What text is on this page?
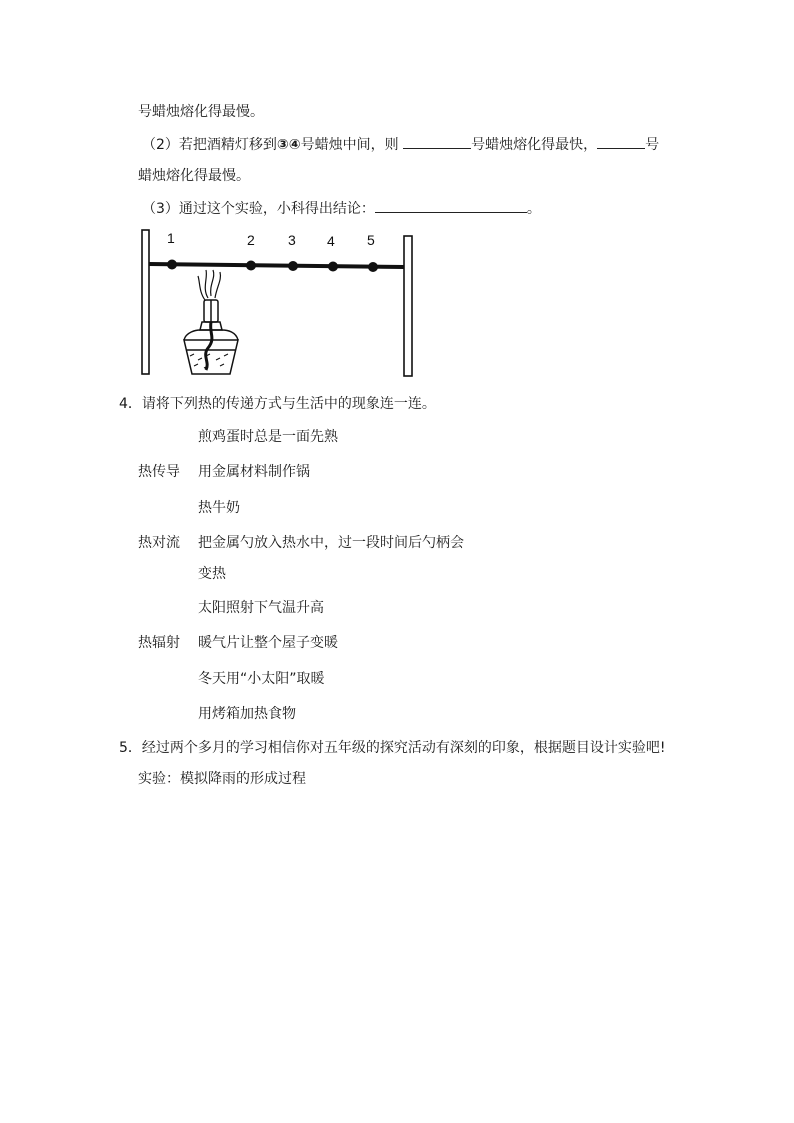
号蜡烛熔化得最慢。
（2）若把酒精灯移到③④号蜡烛中间，则	号蜡烛熔化得最快，	号
蜡烛熔化得最慢。
（3）通过这个实验，小科得出结论：	。
1	2 3 4 5
4．请将下列热的传递方式与生活中的现象连一连。
煎鸡蛋时总是一面先熟
热传导 用金属材料制作锅
热牛奶
热对流 把金属勺放入热水中，过一段时间后勺柄会
变热
太阳照射下气温升高
热辐射 暖气片让整个屋子变暖
冬天用“小太阳”取暖
用烤箱加热食物
5．经过两个多月的学习相信你对五年级的探究活动有深刻的印象，根据题目设计实验吧!
实验：模拟降雨的形成过程
